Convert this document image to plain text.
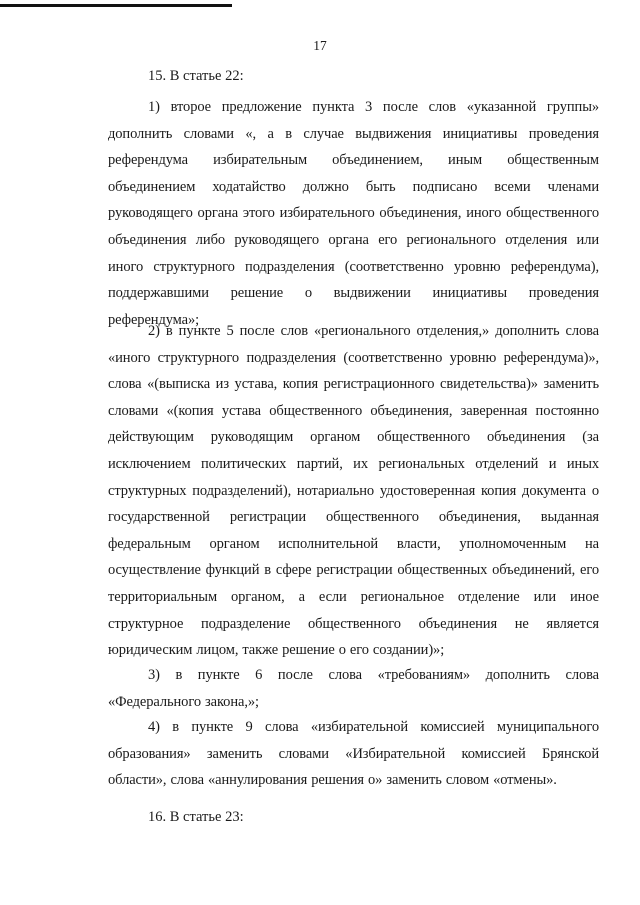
17
15. В статье 22:
1) второе предложение пункта 3 после слов «указанной группы» дополнить словами «, а в случае выдвижения инициативы проведения референдума избирательным объединением, иным общественным объединением ходатайство должно быть подписано всеми членами руководящего органа этого избирательного объединения, иного общественного объединения либо руководящего органа его регионального отделения или иного структурного подразделения (соответственно уровню референдума), поддержавшими решение о выдвижении инициативы проведения референдума»;
2) в пункте 5 после слов «регионального отделения,» дополнить слова «иного структурного подразделения (соответственно уровню референдума)», слова «(выписка из устава, копия регистрационного свидетельства)» заменить словами «(копия устава общественного объединения, заверенная постоянно действующим руководящим органом общественного объединения (за исключением политических партий, их региональных отделений и иных структурных подразделений), нотариально удостоверенная копия документа о государственной регистрации общественного объединения, выданная федеральным органом исполнительной власти, уполномоченным на осуществление функций в сфере регистрации общественных объединений, его территориальным органом, а если региональное отделение или иное структурное подразделение общественного объединения не является юридическим лицом, также решение о его создании)»;
3) в пункте 6 после слова «требованиям» дополнить слова «Федерального закона,»;
4) в пункте 9 слова «избирательной комиссией муниципального образования» заменить словами «Избирательной комиссией Брянской области», слова «аннулирования решения о» заменить словом «отмены».
16. В статье 23:
